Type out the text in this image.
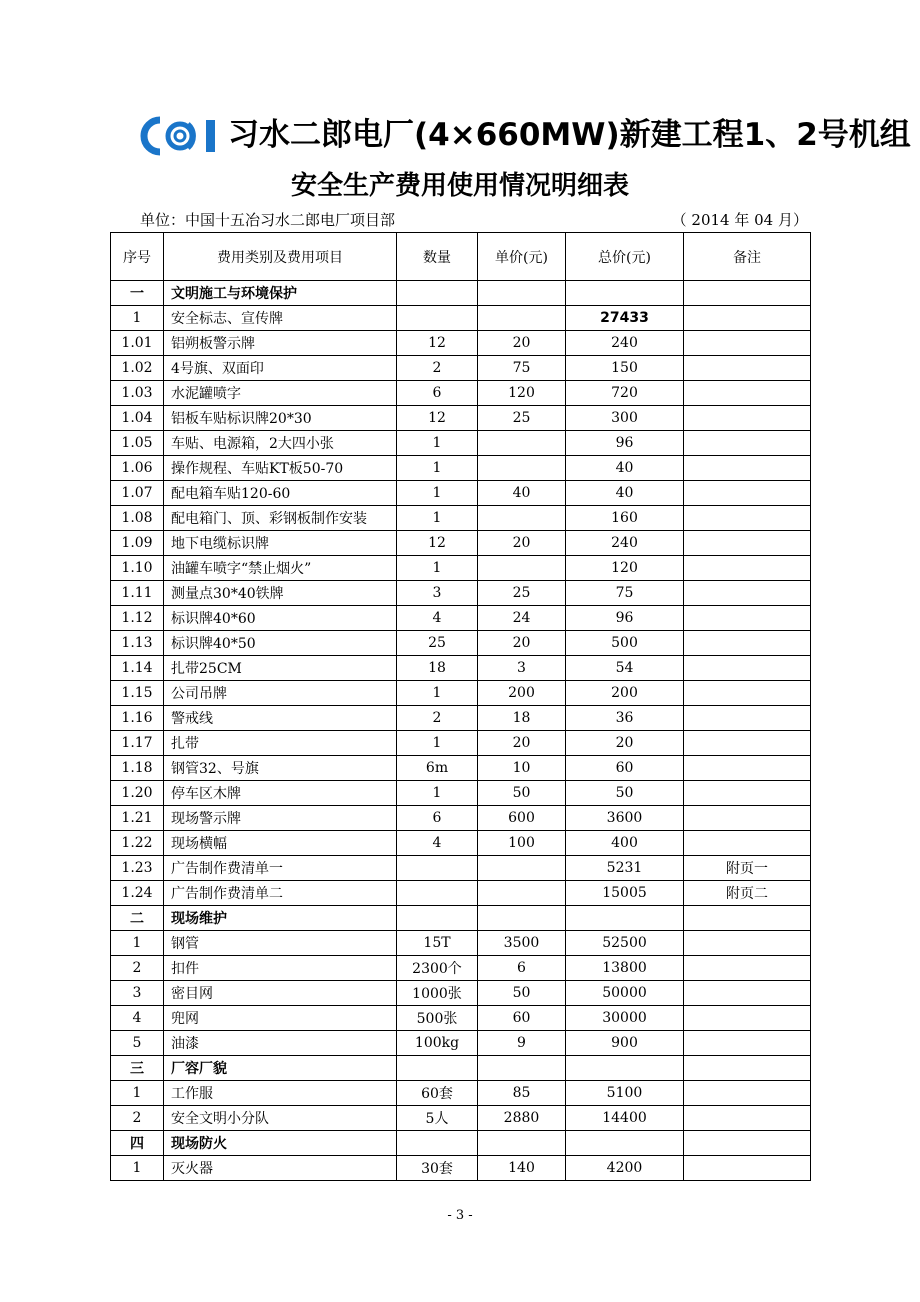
习水二郎电厂(4×660MW)新建工程1、2号机组
安全生产费用使用情况明细表
单位：中国十五冶习水二郎电厂项目部	（ 2014 年 04 月）
序号	费用类别及费用项目	数量	单价(元)	总价(元)	备注
一	文明施工与环境保护				
1	安全标志、宣传牌			27433	
1.01	铝朔板警示牌	12	20	240	
1.02	4号旗、双面印	2	75	150	
1.03	水泥罐喷字	6	120	720	
1.04	铝板车贴标识牌20*30	12	25	300	
1.05	车贴、电源箱，2大四小张	1		96	
1.06	操作规程、车贴KT板50-70	1		40	
1.07	配电箱车贴120-60	1	40	40	
1.08	配电箱门、顶、彩钢板制作安装	1		160	
1.09	地下电缆标识牌	12	20	240	
1.10	油罐车喷字“禁止烟火”	1		120	
1.11	测量点30*40铁牌	3	25	75	
1.12	标识牌40*60	4	24	96	
1.13	标识牌40*50	25	20	500	
1.14	扎带25CM	18	3	54	
1.15	公司吊牌	1	200	200	
1.16	警戒线	2	18	36	
1.17	扎带	1	20	20	
1.18	钢管32、号旗	6m	10	60	
1.20	停车区木牌	1	50	50	
1.21	现场警示牌	6	600	3600	
1.22	现场横幅	4	100	400	
1.23	广告制作费清单一			5231	附页一
1.24	广告制作费清单二			15005	附页二
二	现场维护				
1	钢管	15T	3500	52500	
2	扣件	2300个	6	13800	
3	密目网	1000张	50	50000	
4	兜网	500张	60	30000	
5	油漆	100kg	9	900	
三	厂容厂貌				
1	工作服	60套	85	5100	
2	安全文明小分队	5人	2880	14400	
四	现场防火				
1	灭火器	30套	140	4200	
- 3 -
